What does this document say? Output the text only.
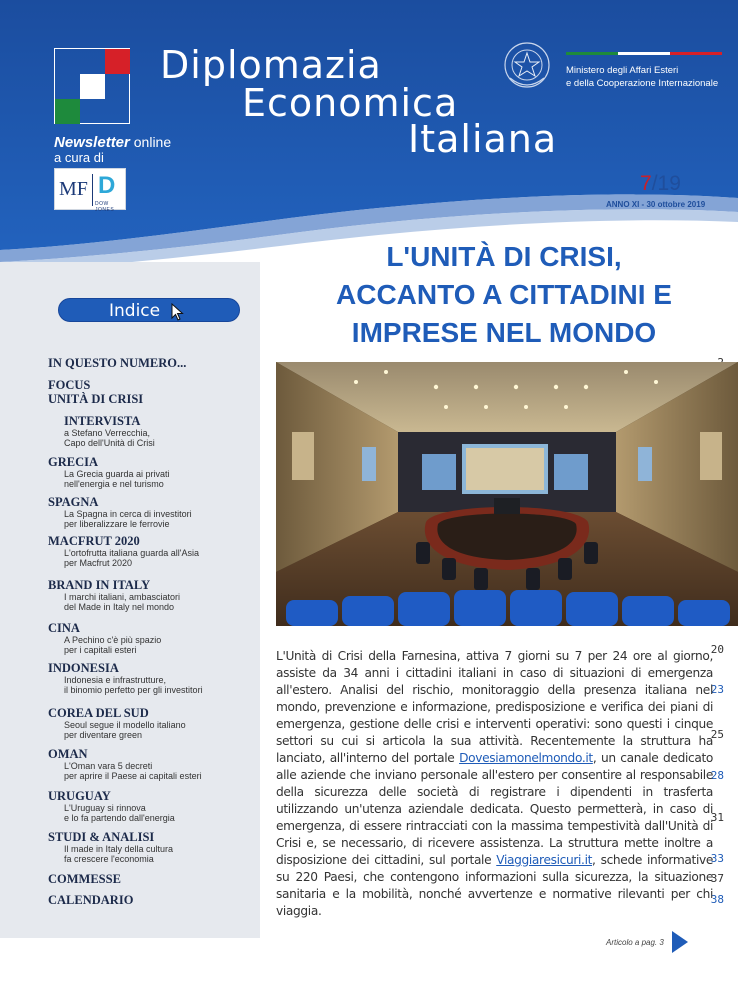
Diplomazia
Economica
Italiana
Newsletter online
a cura di
MF D
DOW JONES
Ministero degli Affari Esteri
e della Cooperazione Internazionale
7/19
ANNO XI - 30 ottobre 2019
Indice
IN QUESTO NUMERO...
FOCUS
UNITÀ DI CRISI
INTERVISTA
a Stefano Verrecchia,
Capo dell'Unità di Crisi
GRECIA
La Grecia guarda ai privati
nell'energia e nel turismo
SPAGNA
La Spagna in cerca di investitori
per liberalizzare le ferrovie
MACFRUT 2020
L'ortofrutta italiana guarda all'Asia
per Macfrut 2020
BRAND IN ITALY
I marchi italiani, ambasciatori
del Made in Italy nel mondo
CINA
A Pechino c'è più spazio
per i capitali esteri	20
INDONESIA
Indonesia e infrastrutture,
il binomio perfetto per gli investitori	23
COREA DEL SUD
Seoul segue il modello italiano
per diventare green	25
OMAN
L'Oman vara 5 decreti
per aprire il Paese ai capitali esteri	28
URUGUAY
L'Uruguay si rinnova
e lo fa partendo dall'energia	31
STUDI & ANALISI
Il made in Italy della cultura
fa crescere l'economia	33
COMMESSE	37
CALENDARIO	38
L'UNITÀ DI CRISI,
ACCANTO A CITTADINI E
IMPRESE NEL MONDO
L'Unità di Crisi della Farnesina, attiva 7 giorni su 7 per 24 ore al giorno, assiste da 34 anni i cittadini italiani in caso di situazioni di emergenza all'estero. Analisi del rischio, monitoraggio della presenza italiana nel mondo, prevenzione e informazione, predisposizione e verifica dei piani di emergenza, gestione delle crisi e interventi operativi: sono questi i cinque settori su cui si articola la sua attività. Recentemente la struttura ha lanciato, all'interno del portale Dovesiamonelmondo.it, un canale dedicato alle aziende che inviano personale all'estero per consentire al responsabile della sicurezza delle società di registrare i dipendenti in trasferta utilizzando un'utenza aziendale dedicata. Questo permetterà, in caso di emergenza, di essere rintracciati con la massima tempestività dall'Unità di Crisi e, se necessario, di ricevere assistenza. La struttura mette inoltre a disposizione dei cittadini, sul portale Viaggiaresicuri.it, schede informative su 220 Paesi, che contengono informazioni sulla sicurezza, la situazione sanitaria e la mobilità, nonché avvertenze e normative rilevanti per chi viaggia.
Articolo a pag. 3
